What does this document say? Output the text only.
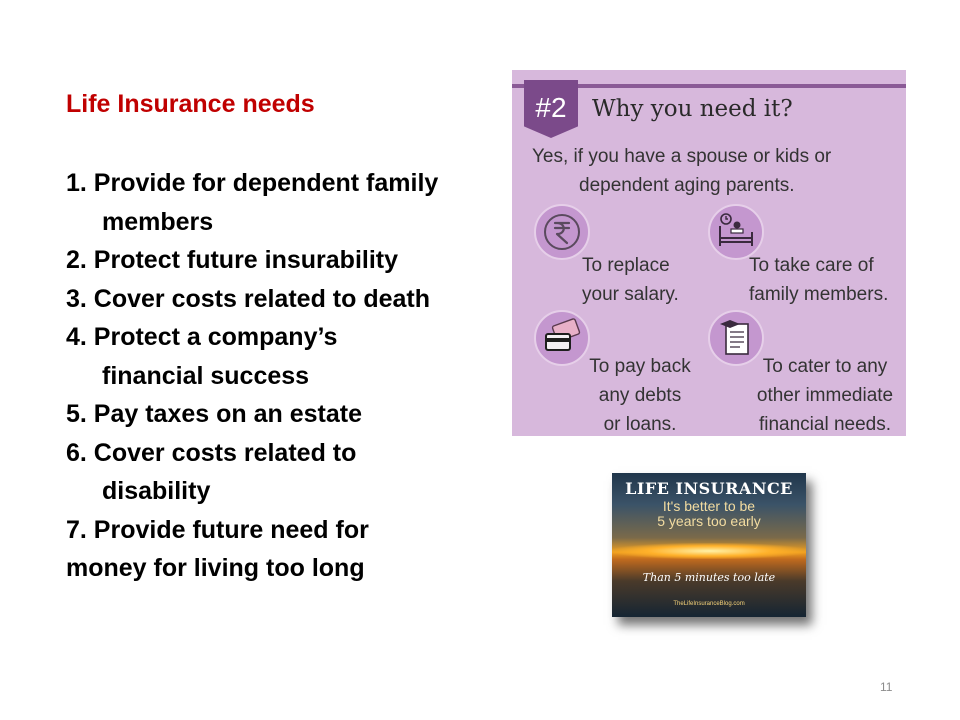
Life Insurance needs
1. Provide for dependent family
members
2. Protect future insurability
3. Cover costs related to death
4. Protect a company’s
financial success
5. Pay taxes on an estate
6. Cover costs related to
disability
7. Provide future need for
money for living too long
#2	Why you need it?
Yes, if you have a spouse or kids or
dependent aging parents.
To replace
your salary.
To take care of
family members.
To pay back
any debts
or loans.
To cater to any
other immediate
financial needs.
LIFE INSURANCE
It's better to be
5 years too early
Than 5 minutes too late
TheLifeInsuranceBlog.com
11
